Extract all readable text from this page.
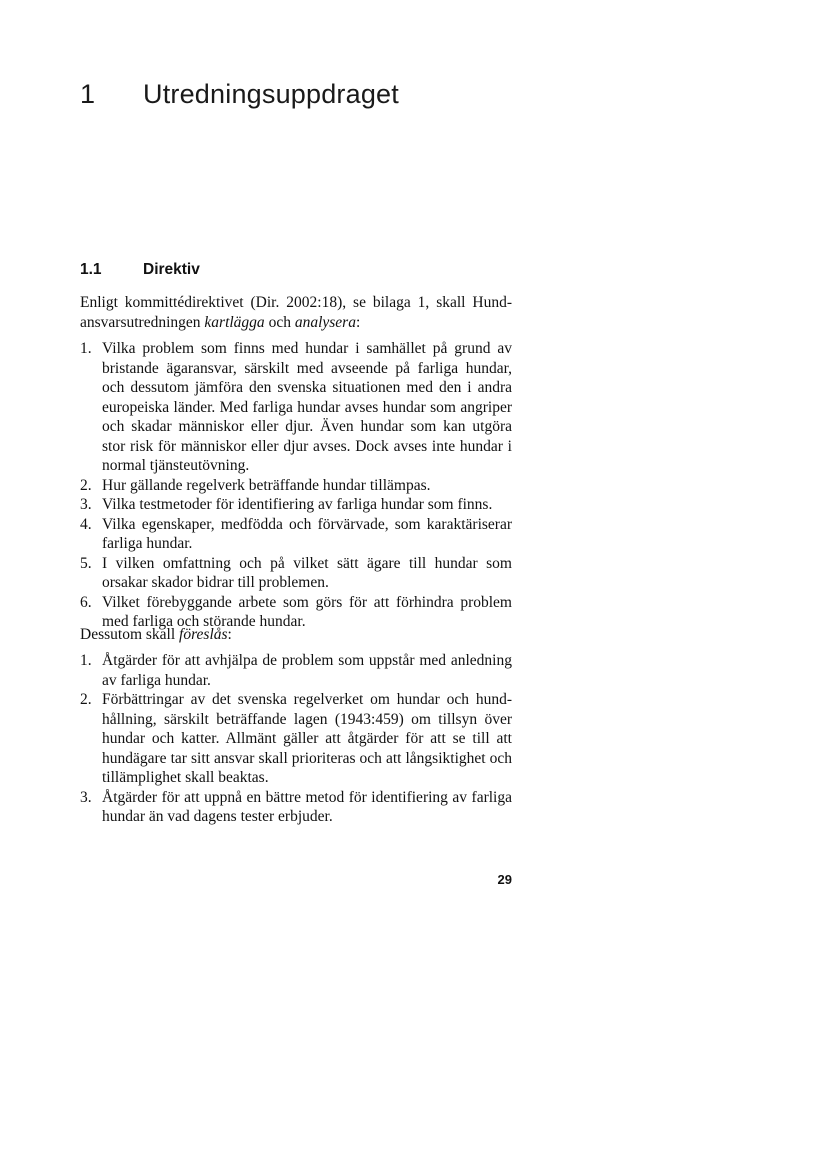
1	Utredningsuppdraget
1.1	Direktiv

Enligt kommittédirektivet (Dir. 2002:18), se bilaga 1, skall Hundansvarsutredningen kartlägga och analysera:

1. Vilka problem som finns med hundar i samhället på grund av bristande ägaransvar, särskilt med avseende på farliga hundar, och dessutom jämföra den svenska situationen med den i andra europeiska länder. Med farliga hundar avses hundar som angriper och skadar människor eller djur. Även hundar som kan utgöra stor risk för människor eller djur avses. Dock avses inte hundar i normal tjänsteutövning.
2. Hur gällande regelverk beträffande hundar tillämpas.
3. Vilka testmetoder för identifiering av farliga hundar som finns.
4. Vilka egenskaper, medfödda och förvärvade, som karaktäriserar farliga hundar.
5. I vilken omfattning och på vilket sätt ägare till hundar som orsakar skador bidrar till problemen.
6. Vilket förebyggande arbete som görs för att förhindra problem med farliga och störande hundar.

Dessutom skall föreslås:

1. Åtgärder för att avhjälpa de problem som uppstår med anledning av farliga hundar.
2. Förbättringar av det svenska regelverket om hundar och hundhållning, särskilt beträffande lagen (1943:459) om tillsyn över hundar och katter. Allmänt gäller att åtgärder för att se till att hundägare tar sitt ansvar skall prioriteras och att långsiktighet och tillämplighet skall beaktas.
3. Åtgärder för att uppnå en bättre metod för identifiering av farliga hundar än vad dagens tester erbjuder.
29
